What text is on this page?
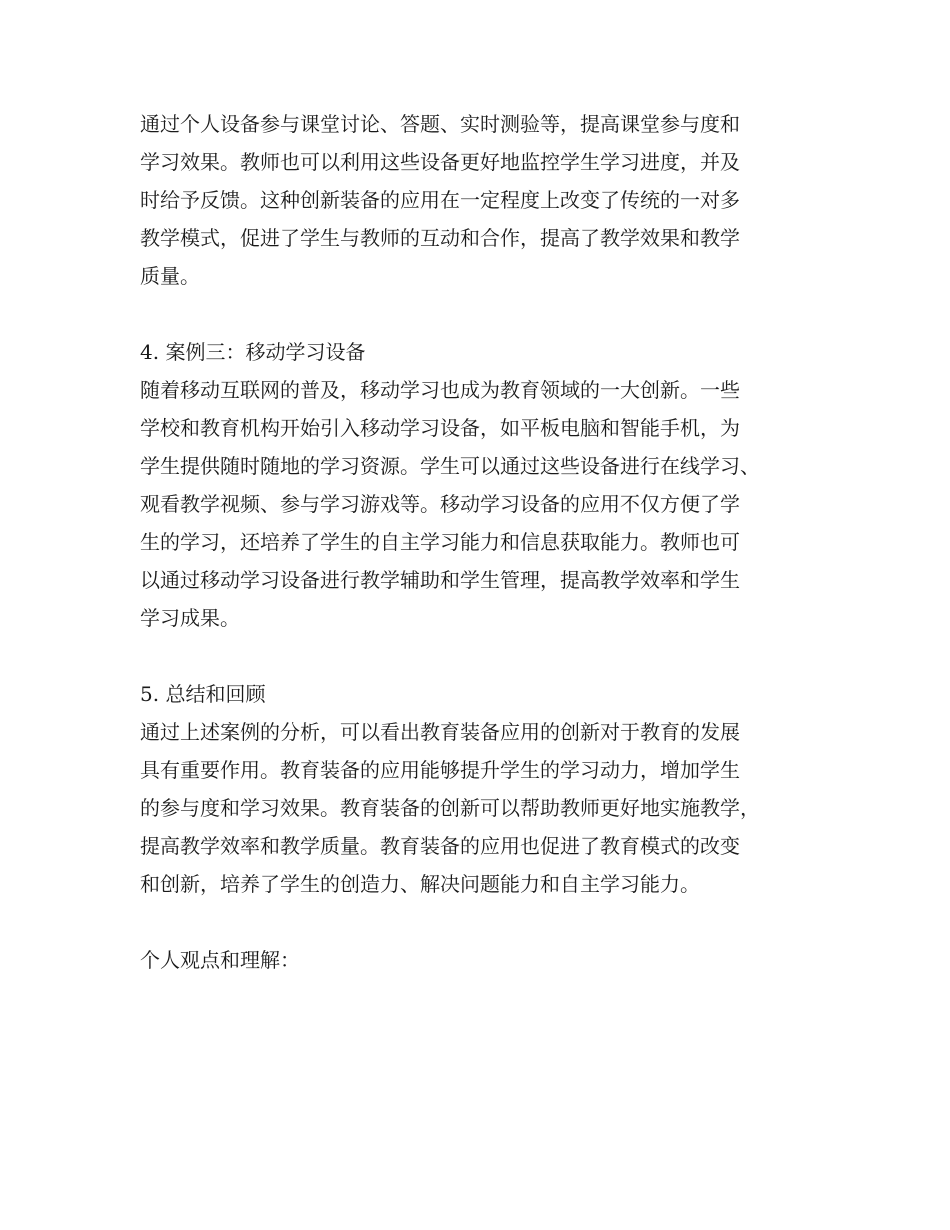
通过个人设备参与课堂讨论、答题、实时测验等，提高课堂参与度和
学习效果。教师也可以利用这些设备更好地监控学生学习进度，并及
时给予反馈。这种创新装备的应用在一定程度上改变了传统的一对多
教学模式，促进了学生与教师的互动和合作，提高了教学效果和教学
质量。
4. 案例三：移动学习设备
随着移动互联网的普及，移动学习也成为教育领域的一大创新。一些
学校和教育机构开始引入移动学习设备，如平板电脑和智能手机，为
学生提供随时随地的学习资源。学生可以通过这些设备进行在线学习、
观看教学视频、参与学习游戏等。移动学习设备的应用不仅方便了学
生的学习，还培养了学生的自主学习能力和信息获取能力。教师也可
以通过移动学习设备进行教学辅助和学生管理，提高教学效率和学生
学习成果。
5. 总结和回顾
通过上述案例的分析，可以看出教育装备应用的创新对于教育的发展
具有重要作用。教育装备的应用能够提升学生的学习动力，增加学生
的参与度和学习效果。教育装备的创新可以帮助教师更好地实施教学，
提高教学效率和教学质量。教育装备的应用也促进了教育模式的改变
和创新，培养了学生的创造力、解决问题能力和自主学习能力。
个人观点和理解：
